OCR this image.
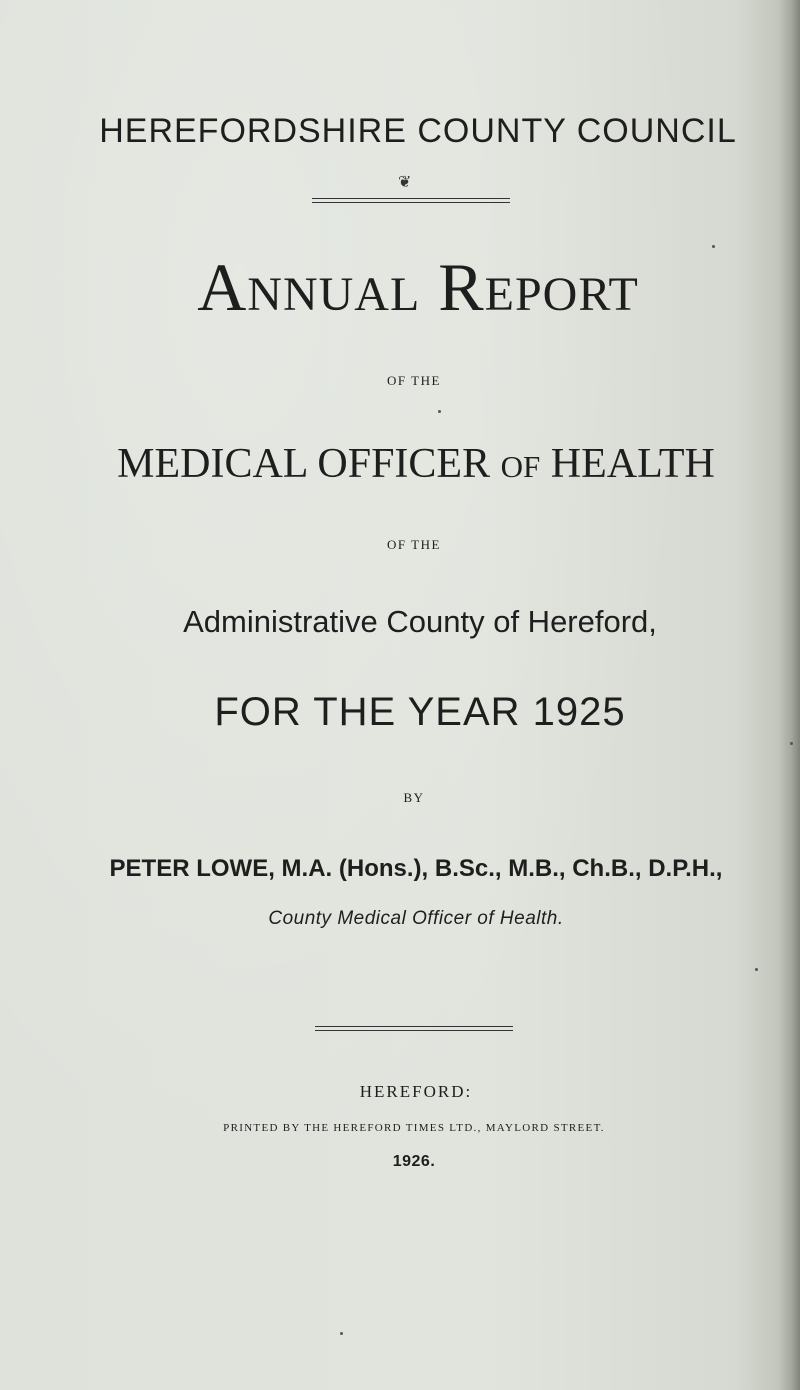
HEREFORDSHIRE COUNTY COUNCIL
❦
Annual Report
OF THE
MEDICAL OFFICER OF HEALTH
OF THE
Administrative County of Hereford,
FOR THE YEAR 1925
BY
PETER LOWE, M.A. (Hons.), B.Sc., M.B., Ch.B., D.P.H.,
County Medical Officer of Health.
HEREFORD:
PRINTED BY THE HEREFORD TIMES LTD., MAYLORD STREET.
1926.
